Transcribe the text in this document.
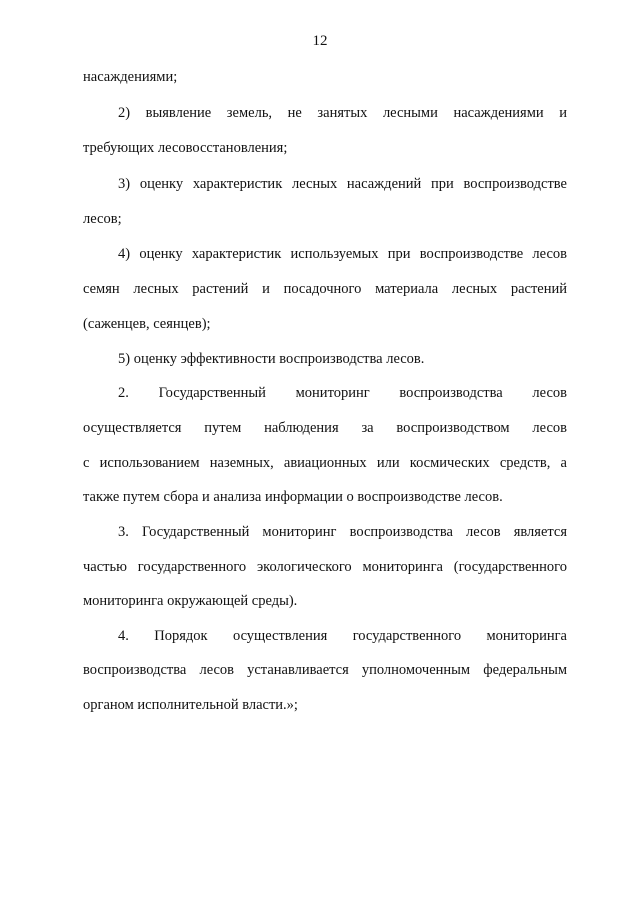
12
насаждениями;
2) выявление земель, не занятых лесными насаждениями и
требующих лесовосстановления;
3) оценку характеристик лесных насаждений при воспроизводстве
лесов;
4) оценку характеристик используемых при воспроизводстве лесов
семян лесных растений и посадочного материала лесных растений
(саженцев, сеянцев);
5) оценку эффективности воспроизводства лесов.
2. Государственный мониторинг воспроизводства лесов
осуществляется путем наблюдения за воспроизводством лесов
с использованием наземных, авиационных или космических средств, а
также путем сбора и анализа информации о воспроизводстве лесов.
3. Государственный мониторинг воспроизводства лесов является
частью государственного экологического мониторинга (государственного
мониторинга окружающей среды).
4. Порядок осуществления государственного мониторинга
воспроизводства лесов устанавливается уполномоченным федеральным
органом исполнительной власти.»;
